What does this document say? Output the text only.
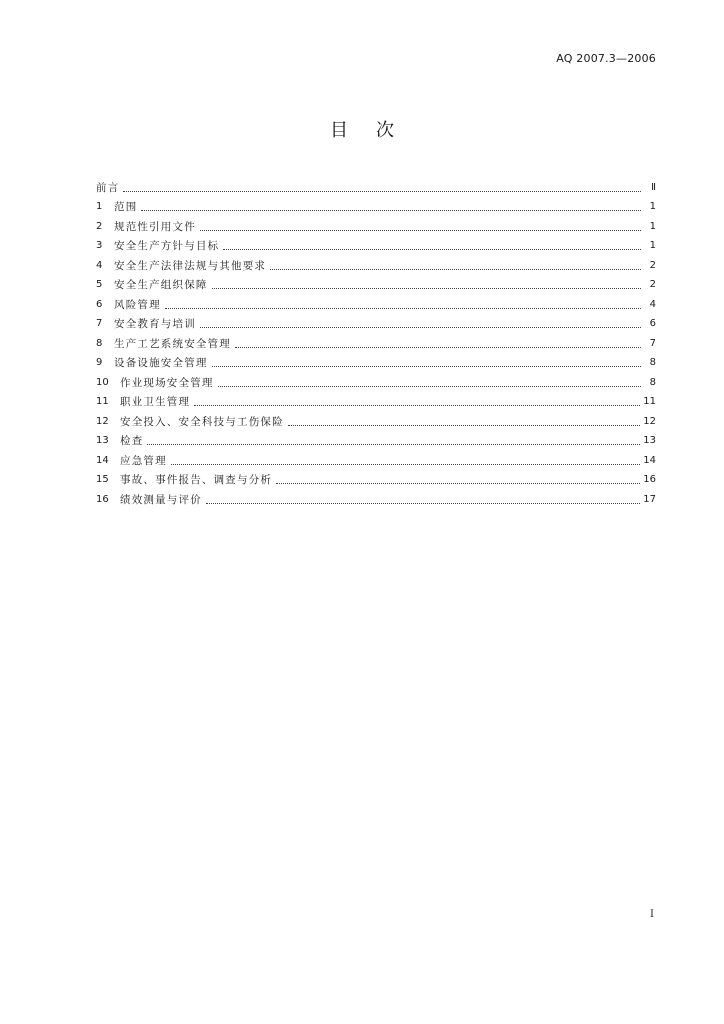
AQ 2007.3—2006
目次
前言	Ⅱ
1	范围	1
2	规范性引用文件	1
3	安全生产方针与目标	1
4	安全生产法律法规与其他要求	2
5	安全生产组织保障	2
6	风险管理	4
7	安全教育与培训	6
8	生产工艺系统安全管理	7
9	设备设施安全管理	8
10	作业现场安全管理	8
11	职业卫生管理	11
12	安全投入、安全科技与工伤保险	12
13	检查	13
14	应急管理	14
15	事故、事件报告、调查与分析	16
16	绩效测量与评价	17
I
